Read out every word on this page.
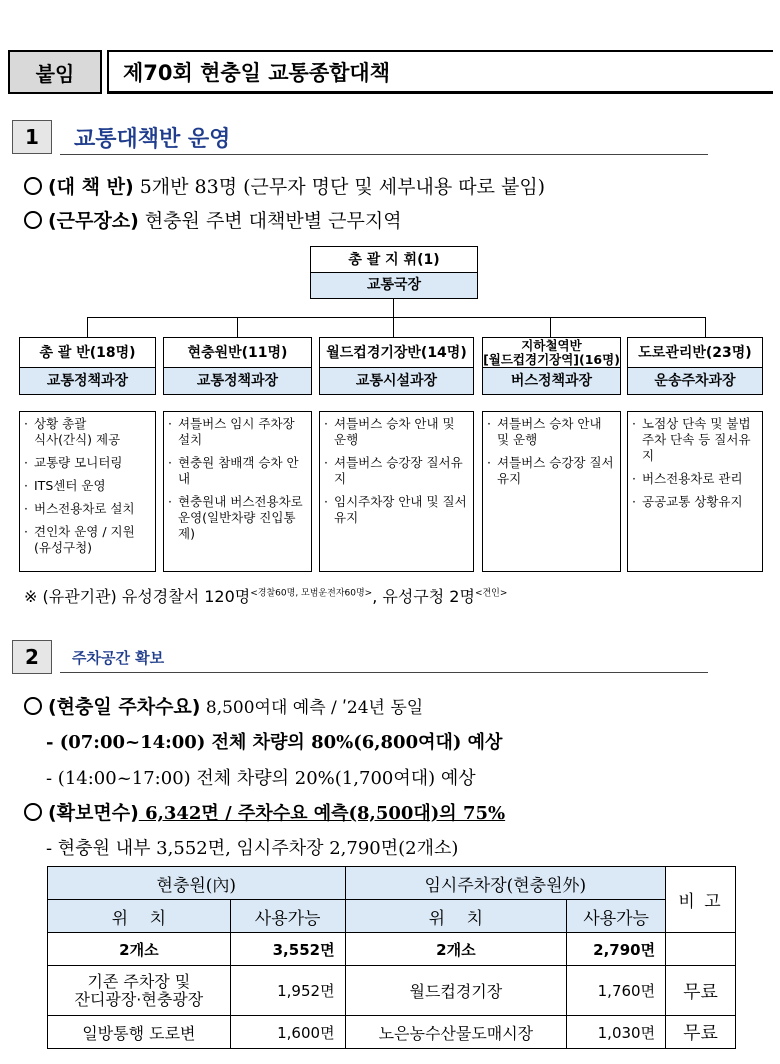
붙임	제70회 현충일 교통종합대책
1	교통대책반 운영
(대 책 반) 5개반 83명 (근무자 명단 및 세부내용 따로 붙임)
(근무장소) 현충원 주변 대책반별 근무지역
총 괄 지 휘(1)
교통국장
총 괄 반(18명)
교통정책과장
현충원반(11명)
교통정책과장
월드컵경기장반(14명)
교통시설과장
지하철역반
[월드컵경기장역](16명)
버스정책과장
도로관리반(23명)
운송주차과장
· 상황 총괄
식사(간식) 제공
· 교통량 모니터링
· ITS센터 운영
· 버스전용차로 설치
· 견인차 운영 / 지원
(유성구청)
· 셔틀버스 임시 주차장 설치
· 현충원 참배객 승차 안내
· 현충원내 버스전용차로 운영(일반차량 진입통제)
· 셔틀버스 승차 안내 및 운행
· 셔틀버스 승강장 질서유지
· 임시주차장 안내 및 질서 유지
· 셔틀버스 승차 안내 및 운행
· 셔틀버스 승강장 질서유지
· 노점상 단속 및 불법 주차 단속 등 질서유지
· 버스전용차로 관리
· 공공교통 상황유지
※ (유관기관) 유성경찰서 120명$^{<경찰60명, 모범운전자60명>}$, 유성구청 2명$^{<견인>}$
2	주차공간 확보
(현충일 주차수요) 8,500여대 예측 / ʹ24년 동일
- (07:00~14:00) 전체 차량의 80%(6,800여대) 예상
- (14:00~17:00) 전체 차량의 20%(1,700여대) 예상
(확보면수) 6,342면 / 주차수요 예측(8,500대)의 75%
- 현충원 내부 3,552면, 임시주차장 2,790면(2개소)
현충원(內)		임시주차장(현충원外)		비 고
위    치	사용가능	위    치	사용가능	
2개소	3,552면	2개소	2,790면	

기존 주차장 및
잔디광장·현충광장	1,952면	월드컵경기장	1,760면	무료
일방통행 도로변	1,600면	노은농수산물도매시장	1,030면	무료
